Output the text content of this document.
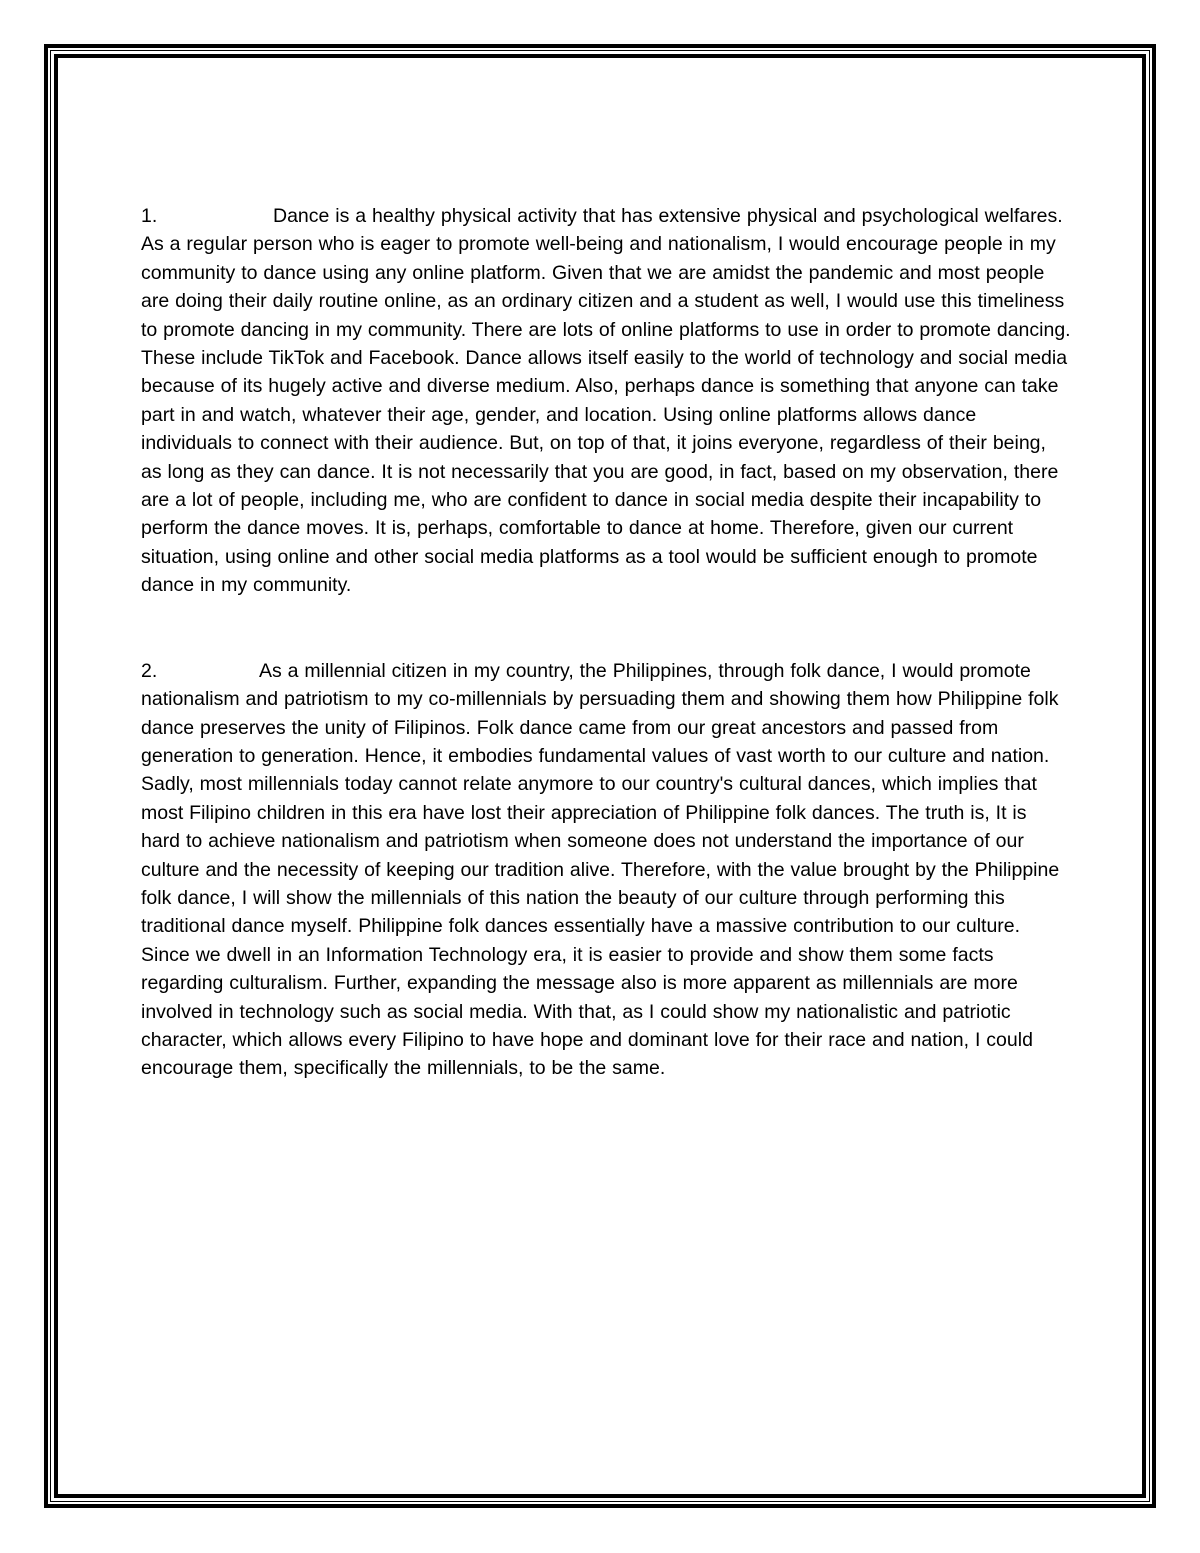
1.	Dance is a healthy physical activity that has extensive physical and psychological welfares. As a regular person who is eager to promote well-being and nationalism, I would encourage people in my community to dance using any online platform. Given that we are amidst the pandemic and most people are doing their daily routine online, as an ordinary citizen and a student as well, I would use this timeliness to promote dancing in my community. There are lots of online platforms to use in order to promote dancing. These include TikTok and Facebook. Dance allows itself easily to the world of technology and social media because of its hugely active and diverse medium. Also, perhaps dance is something that anyone can take part in and watch, whatever their age, gender, and location. Using online platforms allows dance individuals to connect with their audience. But, on top of that, it joins everyone, regardless of their being, as long as they can dance. It is not necessarily that you are good, in fact, based on my observation, there are a lot of people, including me, who are confident to dance in social media despite their incapability to perform the dance moves. It is, perhaps, comfortable to dance at home. Therefore, given our current situation, using online and other social media platforms as a tool would be sufficient enough to promote dance in my community.

2.	As a millennial citizen in my country, the Philippines, through folk dance, I would promote nationalism and patriotism to my co-millennials by persuading them and showing them how Philippine folk dance preserves the unity of Filipinos. Folk dance came from our great ancestors and passed from generation to generation. Hence, it embodies fundamental values of vast worth to our culture and nation. Sadly, most millennials today cannot relate anymore to our country's cultural dances, which implies that most Filipino children in this era have lost their appreciation of Philippine folk dances. The truth is, It is hard to achieve nationalism and patriotism when someone does not understand the importance of our culture and the necessity of keeping our tradition alive. Therefore, with the value brought by the Philippine folk dance, I will show the millennials of this nation the beauty of our culture through performing this traditional dance myself. Philippine folk dances essentially have a massive contribution to our culture. Since we dwell in an Information Technology era, it is easier to provide and show them some facts regarding culturalism. Further, expanding the message also is more apparent as millennials are more involved in technology such as social media. With that, as I could show my nationalistic and patriotic character, which allows every Filipino to have hope and dominant love for their race and nation, I could encourage them, specifically the millennials, to be the same.
